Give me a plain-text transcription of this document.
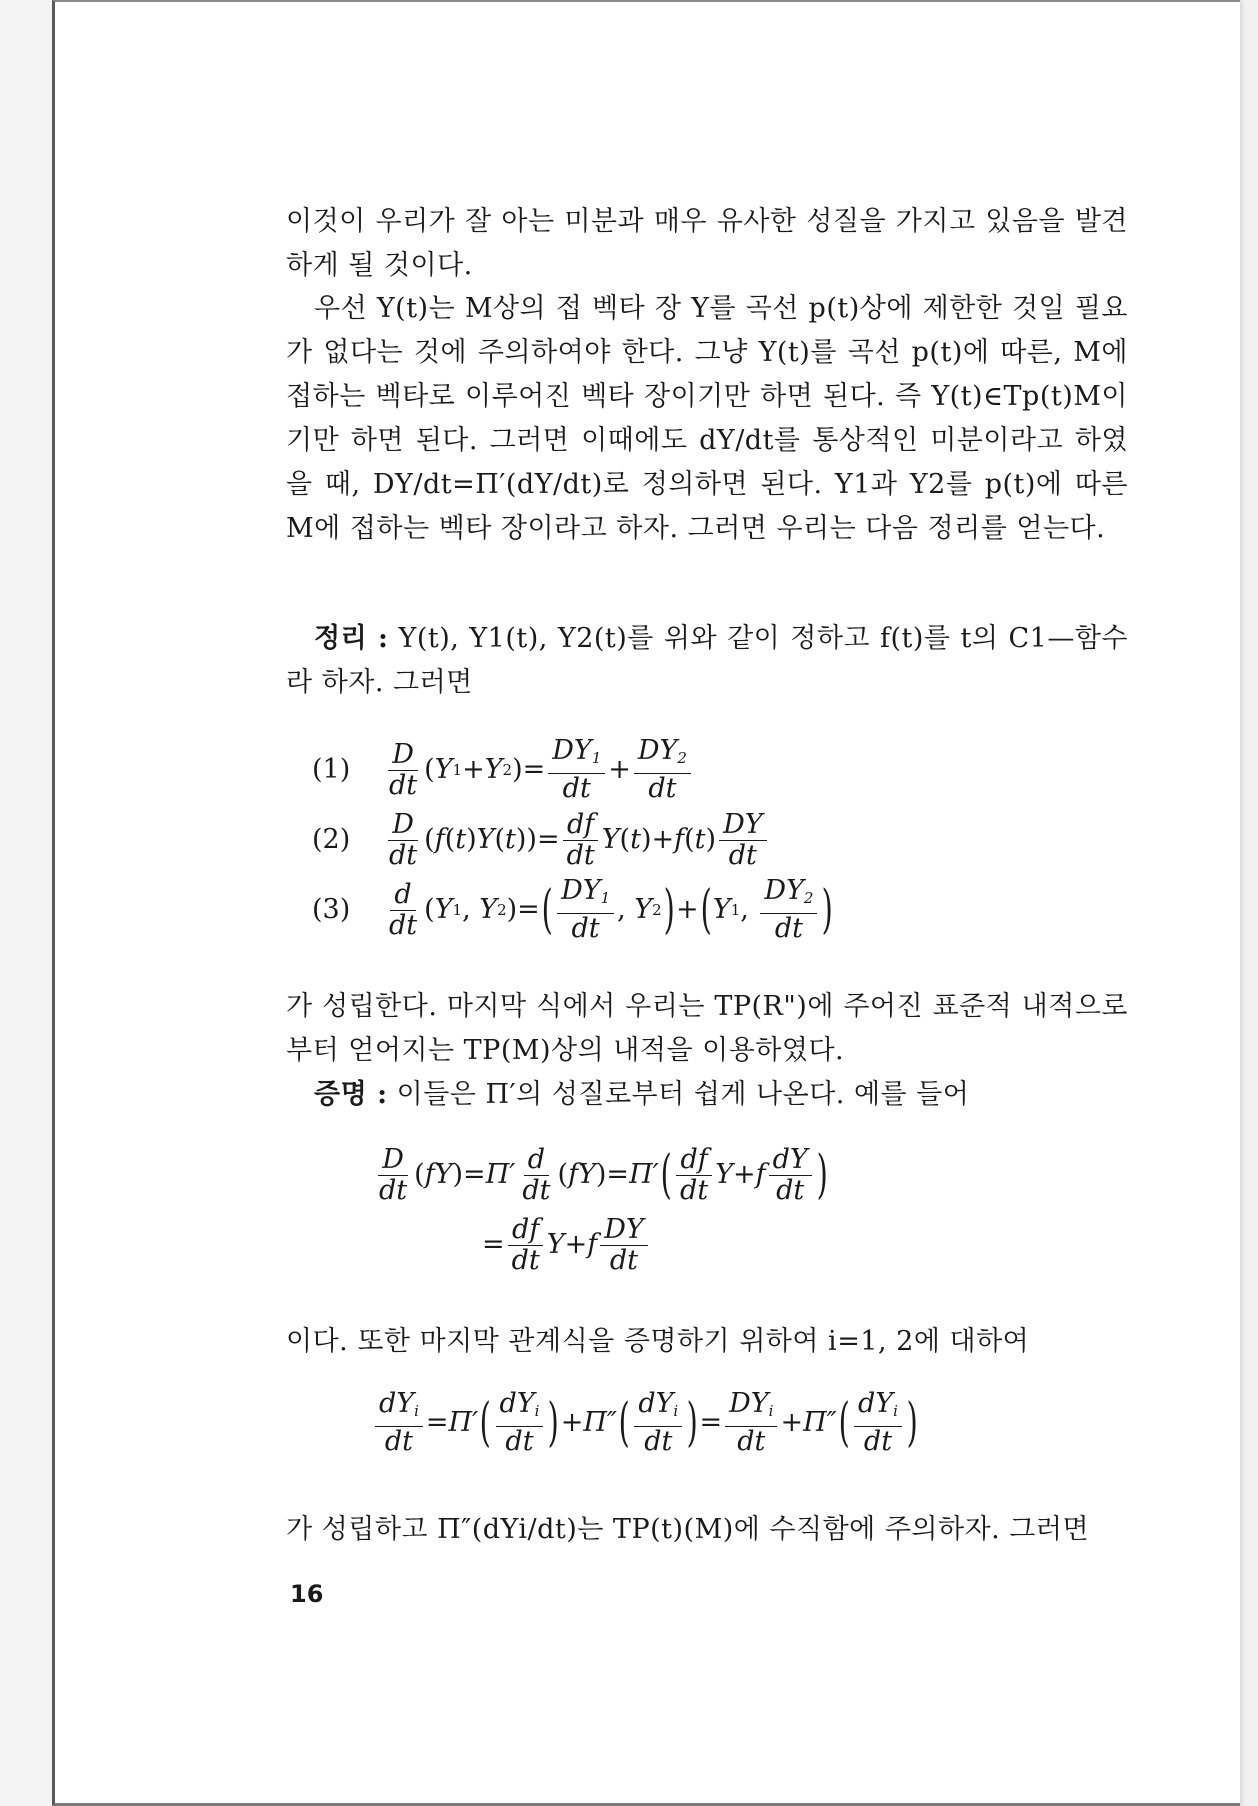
이것이 우리가 잘 아는 미분과 매우 유사한 성질을 가지고 있음을 발견하게 될 것이다.

우선 Y(t)는 M상의 접 벡타 장 Y를 곡선 p(t)상에 제한한 것일 필요가 없다는 것에 주의하여야 한다. 그냥 Y(t)를 곡선 p(t)에 따른, M에 접하는 벡타로 이루어진 벡타 장이기만 하면 된다. 즉 Y(t)∈Tp(t)M이기만 하면 된다. 그러면 이때에도 dY/dt를 통상적인 미분이라고 하였을 때, DY/dt=Π′(dY/dt)로 정의하면 된다. Y1과 Y2를 p(t)에 따른 M에 접하는 벡타 장이라고 하자. 그러면 우리는 다음 정리를 얻는다.

정리 : Y(t), Y1(t), Y2(t)를 위와 같이 정하고 f(t)를 t의 C1—함수라 하자. 그러면

(1)	$\frac{D}{dt}$ ( Y 1 + Y 2 )= $\frac{DY_1}{dt} + \frac{DY_2}{dt}$
(2)	$\frac{D}{dt}$ ( f ( t ) Y ( t ))= $\frac{df}{dt}$ Y ( t )+ f ( t ) $\frac{DY}{dt}$
(3)	$\frac{d}{dt}$ ( Y 1 , Y 2 )= ( $\frac{DY_1}{dt}$ , Y 2 ) + ( Y 1 , $\frac{DY_2}{dt}$ )

가 성립한다. 마지막 식에서 우리는 TP(R")에 주어진 표준적 내적으로부터 얻어지는 TP(M)상의 내적을 이용하였다.

증명 : 이들은 Π′의 성질로부터 쉽게 나온다. 예를 들어

$\frac{D}{dt}$ ( fY )= $\Pi' \frac{d}{dt}$ ( fY )= Π′ ( $\frac{df}{dt}$ Y + f $\frac{dY}{dt}$ )
= $\frac{df}{dt}$ Y + f $\frac{DY}{dt}$

이다. 또한 마지막 관계식을 증명하기 위하여 i=1, 2에 대하여

$\frac{dY_i}{dt} = \Pi'$ ( $\frac{dY_i}{dt}$ ) + Π″ ( $\frac{dY_i}{dt}$ ) = $\frac{DY_i}{dt} + \Pi''$ ( $\frac{dY_i}{dt}$ )

가 성립하고 Π″(dYi/dt)는 TP(t)(M)에 수직함에 주의하자. 그러면

16
